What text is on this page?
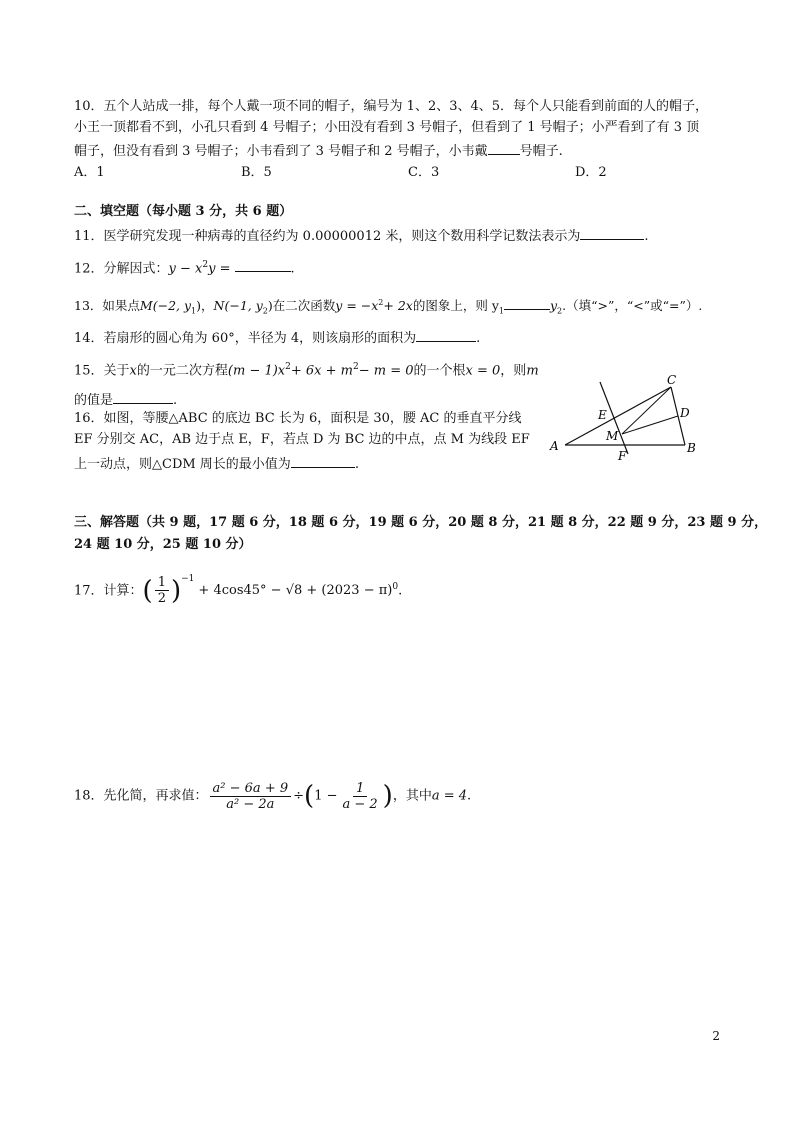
10．五个人站成一排，每个人戴一项不同的帽子，编号为 1、2、3、4、5．每个人只能看到前面的人的帽子，
小王一顶都看不到，小孔只看到 4 号帽子；小田没有看到 3 号帽子，但看到了 1 号帽子；小严看到了有 3 顶
帽子，但没有看到 3 号帽子；小韦看到了 3 号帽子和 2 号帽子，小韦戴 号帽子.
A．1	B．5	C．3	D．2
二、填空题（每小题 3 分，共 6 题）
11．医学研究发现一种病毒的直径约为 0.00000012 米，则这个数用科学记数法表示为	.
12．分解因式：$y - x^2y$ =	.
13．如果点M(−2, $y_1$)，N(−1, $y_2$)在二次函数$y = -x^2+ 2x$的图象上，则 $y_1$	$y_2$.（填“>”，“<”或“=”）.
14．若扇形的圆心角为 60°，半径为 4，则该扇形的面积为	.
15．关于x的一元二次方程$(m - 1)x^2+ 6x + m^2- m = 0$的一个根x = 0，则m
的值是	.
16．如图，等腰△ABC 的底边 BC 长为 6，面积是 30，腰 AC 的垂直平分线
EF 分别交 AC，AB 边于点 E，F，若点 D 为 BC 边的中点，点 M 为线段 EF
上一动点，则△CDM 周长的最小值为	.
C
E	D
M
A	B
F
三、解答题（共 9 题，17 题 6 分，18 题 6 分，19 题 6 分，20 题 8 分，21 题 8 分，22 题 9 分，23 题 9 分，
24 题 10 分，25 题 10 分）
17．计算：( $\frac{1}{2} )^{-1}+ 4\cos 45^\circ - √8 + (2023 - \pi)^0$.
18．先化简，再求值： $\frac{\text{a² − 6a + 9}}{\text{a² − 2a}} \div(1 - \frac{1}{a - 2}$ )，其中a = 4.
2
